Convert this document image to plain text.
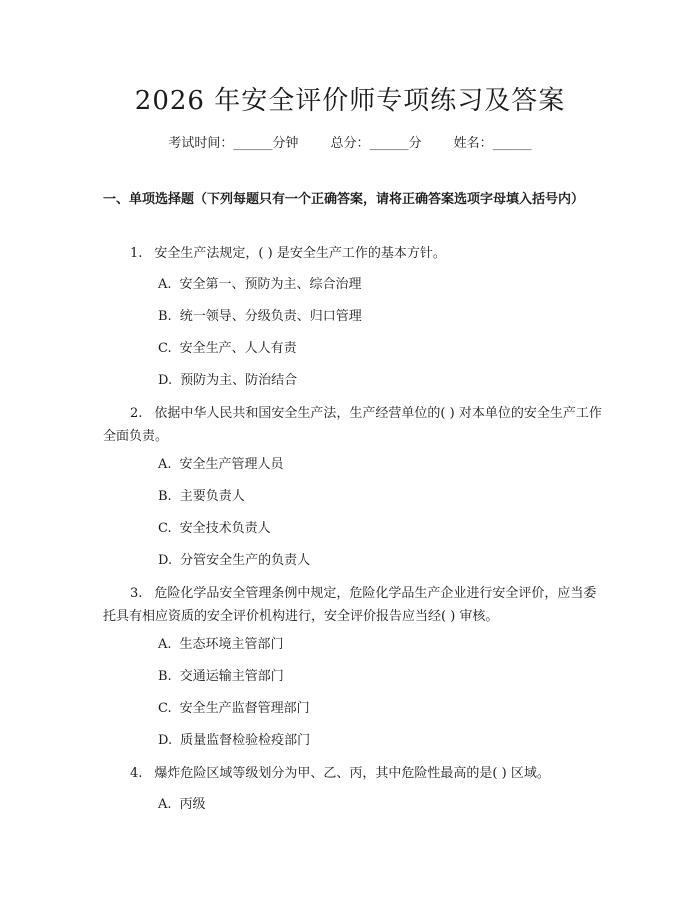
2026 年安全评价师专项练习及答案
考试时间：______分钟 总分：______分 姓名：______
一、单项选择题（下列每题只有一个正确答案，请将正确答案选项字母填入括号内）
1. 安全生产法规定，( ) 是安全生产工作的基本方针。
A. 安全第一、预防为主、综合治理
B. 统一领导、分级负责、归口管理
C. 安全生产、人人有责
D. 预防为主、防治结合
2. 依据中华人民共和国安全生产法，生产经营单位的( ) 对本单位的安全生产工作全面负责。
A. 安全生产管理人员
B. 主要负责人
C. 安全技术负责人
D. 分管安全生产的负责人
3. 危险化学品安全管理条例中规定，危险化学品生产企业进行安全评价，应当委托具有相应资质的安全评价机构进行，安全评价报告应当经( ) 审核。
A. 生态环境主管部门
B. 交通运输主管部门
C. 安全生产监督管理部门
D. 质量监督检验检疫部门
4. 爆炸危险区域等级划分为甲、乙、丙，其中危险性最高的是( ) 区域。
A. 丙级
